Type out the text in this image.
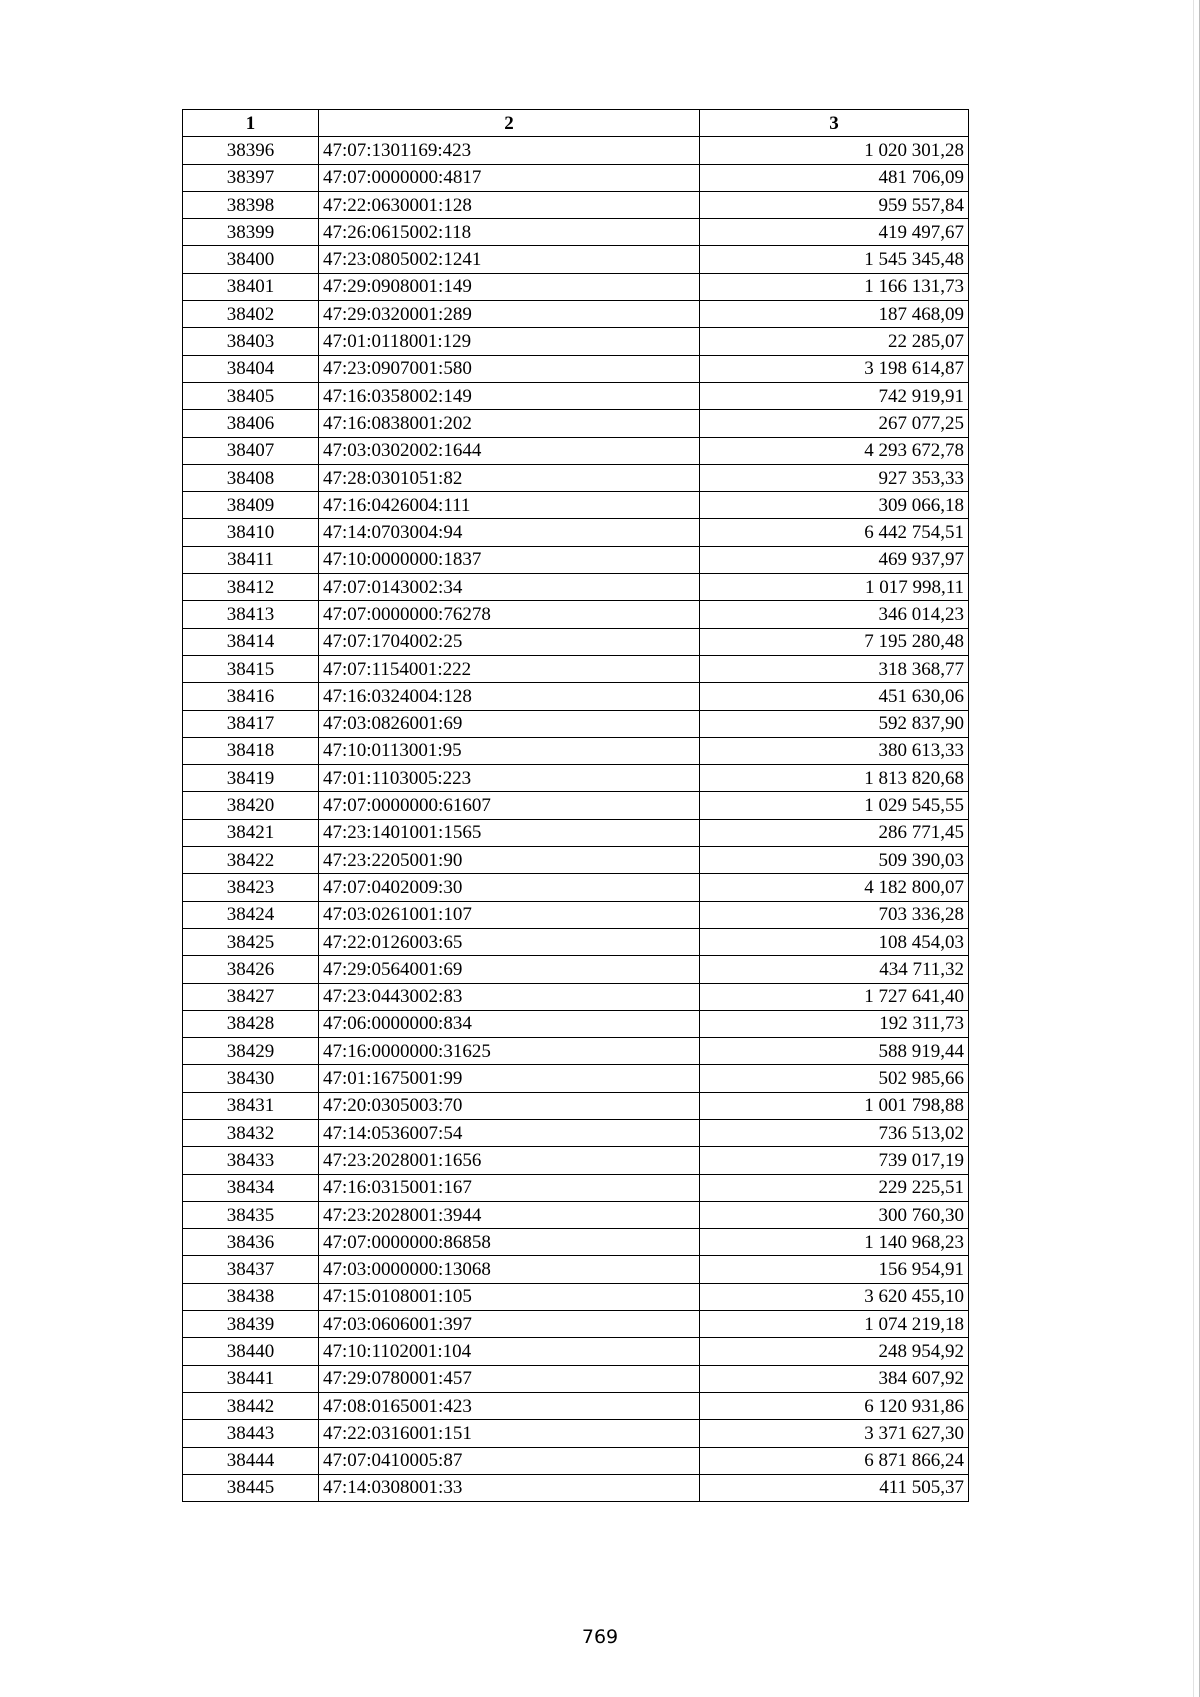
1	2	3
38396	47:07:1301169:423	1 020 301,28
38397	47:07:0000000:4817	481 706,09
38398	47:22:0630001:128	959 557,84
38399	47:26:0615002:118	419 497,67
38400	47:23:0805002:1241	1 545 345,48
38401	47:29:0908001:149	1 166 131,73
38402	47:29:0320001:289	187 468,09
38403	47:01:0118001:129	22 285,07
38404	47:23:0907001:580	3 198 614,87
38405	47:16:0358002:149	742 919,91
38406	47:16:0838001:202	267 077,25
38407	47:03:0302002:1644	4 293 672,78
38408	47:28:0301051:82	927 353,33
38409	47:16:0426004:111	309 066,18
38410	47:14:0703004:94	6 442 754,51
38411	47:10:0000000:1837	469 937,97
38412	47:07:0143002:34	1 017 998,11
38413	47:07:0000000:76278	346 014,23
38414	47:07:1704002:25	7 195 280,48
38415	47:07:1154001:222	318 368,77
38416	47:16:0324004:128	451 630,06
38417	47:03:0826001:69	592 837,90
38418	47:10:0113001:95	380 613,33
38419	47:01:1103005:223	1 813 820,68
38420	47:07:0000000:61607	1 029 545,55
38421	47:23:1401001:1565	286 771,45
38422	47:23:2205001:90	509 390,03
38423	47:07:0402009:30	4 182 800,07
38424	47:03:0261001:107	703 336,28
38425	47:22:0126003:65	108 454,03
38426	47:29:0564001:69	434 711,32
38427	47:23:0443002:83	1 727 641,40
38428	47:06:0000000:834	192 311,73
38429	47:16:0000000:31625	588 919,44
38430	47:01:1675001:99	502 985,66
38431	47:20:0305003:70	1 001 798,88
38432	47:14:0536007:54	736 513,02
38433	47:23:2028001:1656	739 017,19
38434	47:16:0315001:167	229 225,51
38435	47:23:2028001:3944	300 760,30
38436	47:07:0000000:86858	1 140 968,23
38437	47:03:0000000:13068	156 954,91
38438	47:15:0108001:105	3 620 455,10
38439	47:03:0606001:397	1 074 219,18
38440	47:10:1102001:104	248 954,92
38441	47:29:0780001:457	384 607,92
38442	47:08:0165001:423	6 120 931,86
38443	47:22:0316001:151	3 371 627,30
38444	47:07:0410005:87	6 871 866,24
38445	47:14:0308001:33	411 505,37
769
